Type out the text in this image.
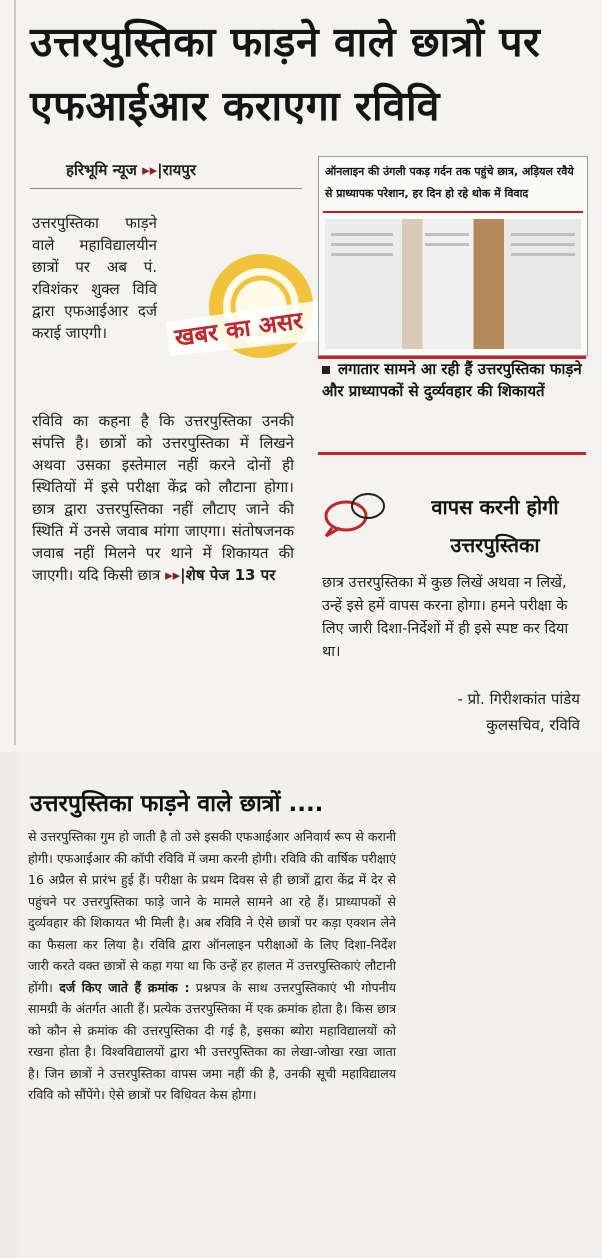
उत्तरपुस्तिका फाड़ने वाले छात्रों पर एफआईआर कराएगा रविवि
हरिभूमि न्यूज ▸▸|रायपुर
उत्तरपुस्तिका फाड़ने वाले महाविद्यालयीन छात्रों पर अब पं. रविशंकर शुक्ल विवि द्वारा एफआईआर दर्ज कराई जाएगी।	खबर का असर
रविवि का कहना है कि उत्तरपुस्तिका उनकी संपत्ति है। छात्रों को उत्तरपुस्तिका में लिखने अथवा उसका इस्तेमाल नहीं करने दोनों ही स्थितियों में इसे परीक्षा केंद्र को लौटाना होगा। छात्र द्वारा उत्तरपुस्तिका नहीं लौटाए जाने की स्थिति में उनसे जवाब मांगा जाएगा। संतोषजनक जवाब नहीं मिलने पर थाने में शिकायत की जाएगी। यदि किसी छात्र ▸▸|शेष पेज 13 पर
ऑनलाइन की उंगली पकड़ गर्दन तक पहुंचे छात्र, अड़ियल रवैये से प्राध्यापक परेशान, हर दिन हो रहे थोक में विवाद
लगातार सामने आ रही हैं उत्तरपुस्तिका फाड़ने और प्राध्यापकों से दुर्व्यवहार की शिकायतें
वापस करनी होगी उत्तरपुस्तिका
छात्र उत्तरपुस्तिका में कुछ लिखें अथवा न लिखें, उन्हें इसे हमें वापस करना होगा। हमने परीक्षा के लिए जारी दिशा-निर्देशों में ही इसे स्पष्ट कर दिया था।
- प्रो. गिरीशकांत पांडेय
कुलसचिव, रविवि
उत्तरपुस्तिका फाड़ने वाले छात्रों ....
से उत्तरपुस्तिका गुम हो जाती है तो उसे इसकी एफआईआर अनिवार्य रूप से करानी होगी। एफआईआर की कॉपी रविवि में जमा करनी होगी। रविवि की वार्षिक परीक्षाएं 16 अप्रैल से प्रारंभ हुई हैं। परीक्षा के प्रथम दिवस से ही छात्रों द्वारा केंद्र में देर से पहुंचने पर उत्तरपुस्तिका फाड़े जाने के मामले सामने आ रहे हैं। प्राध्यापकों से दुर्व्यवहार की शिकायत भी मिली है। अब रविवि ने ऐसे छात्रों पर कड़ा एक्शन लेने का फैसला कर लिया है। रविवि द्वारा ऑनलाइन परीक्षाओं के लिए दिशा-निर्देश जारी करते वक्त छात्रों से कहा गया था कि उन्हें हर हालत में उत्तरपुस्तिकाएं लौटानी होंगी। दर्ज किए जाते हैं क्रमांक : प्रश्नपत्र के साथ उत्तरपुस्तिकाएं भी गोपनीय सामग्री के अंतर्गत आती हैं। प्रत्येक उत्तरपुस्तिका में एक क्रमांक होता है। किस छात्र को कौन से क्रमांक की उत्तरपुस्तिका दी गई है, इसका ब्योरा महाविद्यालयों को रखना होता है। विश्वविद्यालयों द्वारा भी उत्तरपुस्तिका का लेखा-जोखा रखा जाता है। जिन छात्रों ने उत्तरपुस्तिका वापस जमा नहीं की है, उनकी सूची महाविद्यालय रविवि को सौंपेंगे। ऐसे छात्रों पर विधिवत केस होगा।
